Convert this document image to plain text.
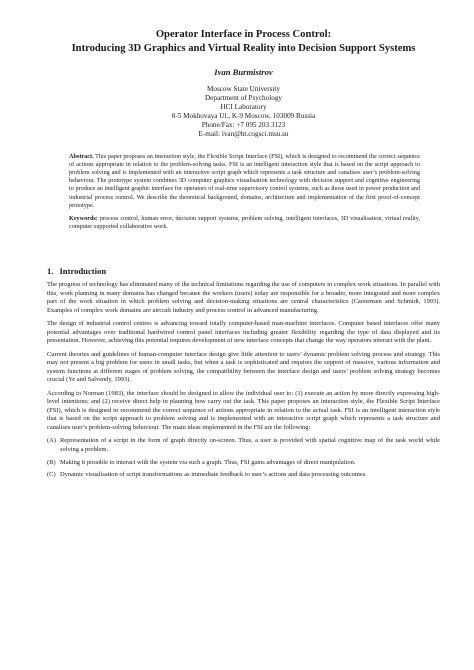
Operator Interface in Process Control:
Introducing 3D Graphics and Virtual Reality into Decision Support Systems
Ivan Burmistrov
Moscow State University
Department of Psychology
HCI Laboratory
8-5 Mokhovaya Ul., K-9 Moscow, 103009 Russia
Phone/Fax: +7 095 203 3123
E-mail: ivan@ht.cogsci.msu.su

Abstract. This paper proposes an interaction style, the Flexible Script Interface (FSI), which is designed to recommend the correct sequence of actions appropriate in relation to the problem-solving tasks. FSI is an intelligent interaction style that is based on the script approach to problem solving and is implemented with an interactive script graph which represents a task structure and canalises user’s problem-solving behaviour. The prototype system combines 3D computer graphics visualisation technology with decision support and cognitive engineering to produce an intelligent graphic interface for operators of real-time supervisory control systems, such as those used in power production and industrial process control. We describe the theoretical background, domains, architecture and implementation of the first proof-of-concept prototype.

Keywords: process control, human error, decision support systems, problem solving, intelligent interfaces, 3D visualisation, virtual reality, computer supported collaborative work.

1. Introduction

The progress of technology has eliminated many of the technical limitations regarding the use of computers in complex work situations. In parallel with this, work planning in many domains has changed because the workers (users) today are responsible for a broader, more integrated and more complex part of the work situation in which problem solving and decision-making situations are central characteristics (Carstensen and Schmidt, 1993). Examples of complex work domains are aircraft industry and process control in advanced manufacturing.

The design of industrial control centres is advancing toward totally computer-based man-machine interfaces. Computer based interfaces offer many potential advantages over traditional hardwired control panel interfaces including greater flexibility regarding the type of data displayed and its presentation. However, achieving this potential requires development of new interface concepts that change the way operators interact with the plant.

Current theories and guidelines of human-computer interface design give little attention to users’ dynamic problem solving process and strategy. This may not present a big problem for users in small tasks, but when a task is sophisticated and requires the support of massive, various information and system functions at different stages of problem solving, the compatibility between the interface design and users’ problem solving strategy becomes crucial (Ye and Salvendy, 1993).

According to Norman (1983), the interface should be designed to allow the individual user to: (1) execute an action by more directly expressing high-level intentions; and (2) receive direct help in planning how carry out the task. This paper proposes an interaction style, the Flexible Script Interface (FSI), which is designed to recommend the correct sequence of actions appropriate in relation to the actual task. FSI is an intelligent interaction style that is based on the script approach to problem solving and is implemented with an interactive script graph which represents a task structure and canalises user’s problem-solving behaviour. The main ideas implemented in the FSI are the following:

(A) Representation of a script in the form of graph directly on-screen. Thus, a user is provided with spatial cognitive map of the task world while solving a problem.
(B) Making it possible to interact with the system via such a graph. Thus, FSI gains advantages of direct manipulation.
(C) Dynamic visualisation of script transformations as immediate feedback to user’s actions and data processing outcomes.
